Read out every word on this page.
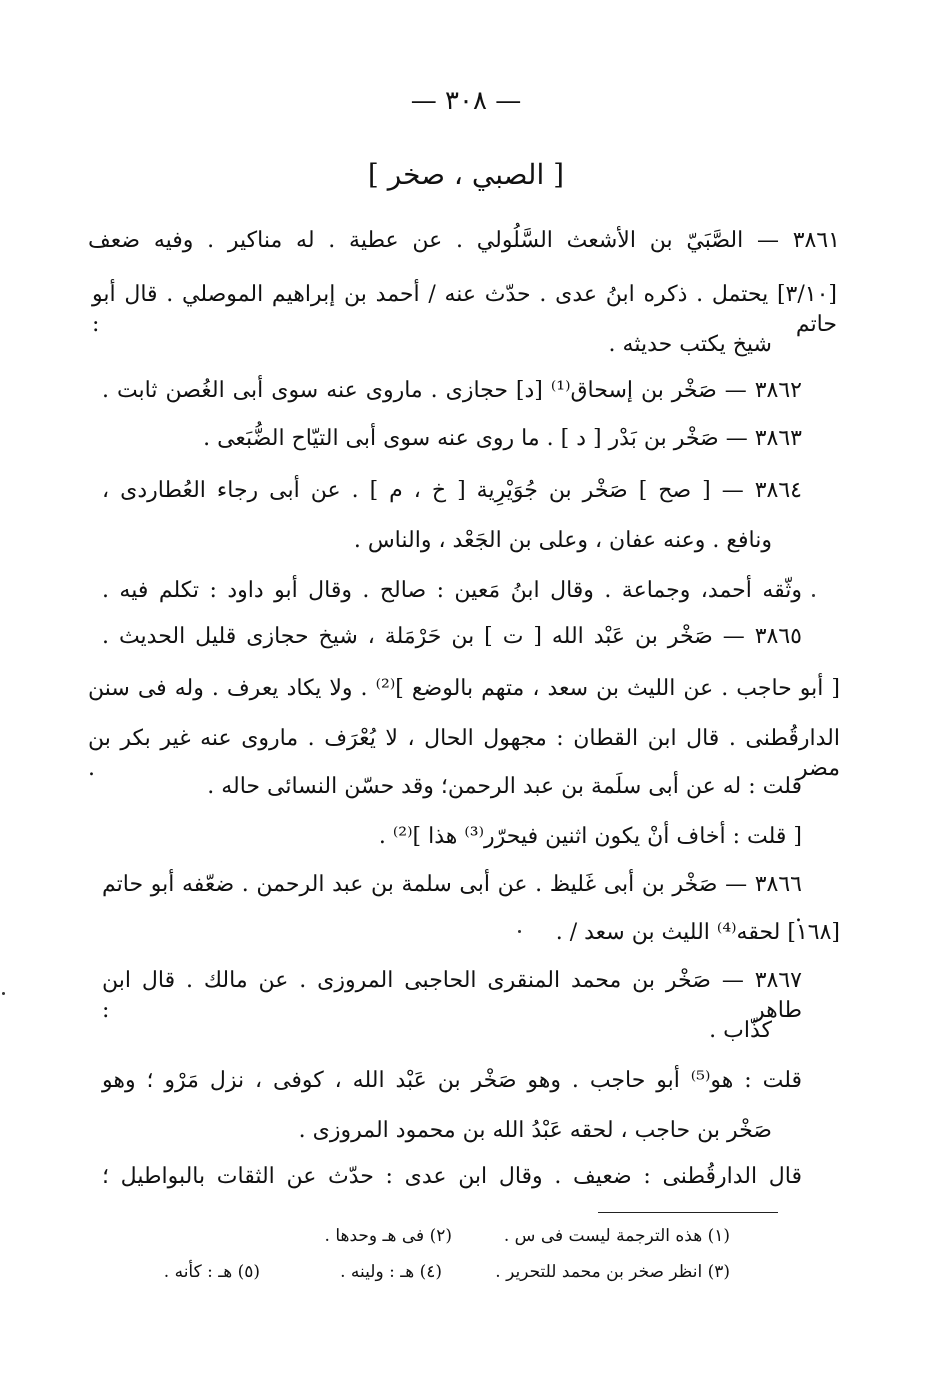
— ٣٠٨ —
[ الصبي ، صخر ]
٣٨٦١ — الصَّبَيّ بن الأشعث السَّلُولي . عن عطية . له مناكير . وفيه ضعف
[٣/١٠] يحتمل . ذكره ابنُ عدى . حدّث عنه / أحمد بن إبراهيم الموصلي . قال أبو حاتم :
شيخ يكتب حديثه .
٣٨٦٢ — صَخْر بن إسحاق⁽¹⁾ [د] حجازى . ماروى عنه سوى أبى الغُصن ثابت .
٣٨٦٣ — صَخْر بن بَدْر [ د ] . ما روى عنه سوى أبى التيّاح الضُّبَعى .
٣٨٦٤ — [ صح ] صَخْر بن جُوَيْرِية [ خ ، م ] . عن أبى رجاء العُطاردى ،
ونافع . وعنه عفان ، وعلى بن الجَعْد ، والناس .
وثّقه أحمد، وجماعة . وقال ابنُ مَعين : صالح . وقال أبو داود : تكلم فيه .
٣٨٦٥ — صَخْر بن عَبْد الله [ ت ] بن حَرْمَلة ، شيخ حجازى قليل الحديث .
[ أبو حاجب . عن الليث بن سعد ، متهم بالوضع ]⁽²⁾ . ولا يكاد يعرف . وله فى سنن
الدارقُطنى . قال ابن القطان : مجهول الحال ، لا يُعْرَف . ماروى عنه غير بكر بن مضر .
قلت : له عن أبى سلَمة بن عبد الرحمن؛ وقد حسّن النسائى حاله .
[ قلت : أخاف أنْ يكون اثنين فيحرّر⁽³⁾ هذا ]⁽²⁾ .
٣٨٦٦ — صَخْر بن أبى غَليظ . عن أبى سلمة بن عبد الرحمن . ضعّفه أبو حاتم .
[١٦٨] لحقه⁽⁴⁾ الليث بن سعد / .
٣٨٦٧ — صَخْر بن محمد المنقرى الحاجبى المروزى . عن مالك . قال ابن طاهر :
كذّاب .
قلت : هو⁽⁵⁾ أبو حاجب . وهو صَخْر بن عَبْد الله ، كوفى ، نزل مَرْو ؛ وهو
صَخْر بن حاجب ، لحقه عَبْدُ الله بن محمود المروزى .
قال الدارقُطنى : ضعيف . وقال ابن عدى : حدّث عن الثقات بالبواطيل ؛
(١) هذه الترجمة ليست فى س .
(٢) فى هـ وحدها .
(٣) انظر صخر بن محمد للتحرير .
(٤) هـ : ولينه .
(٥) هـ : كأنه .
